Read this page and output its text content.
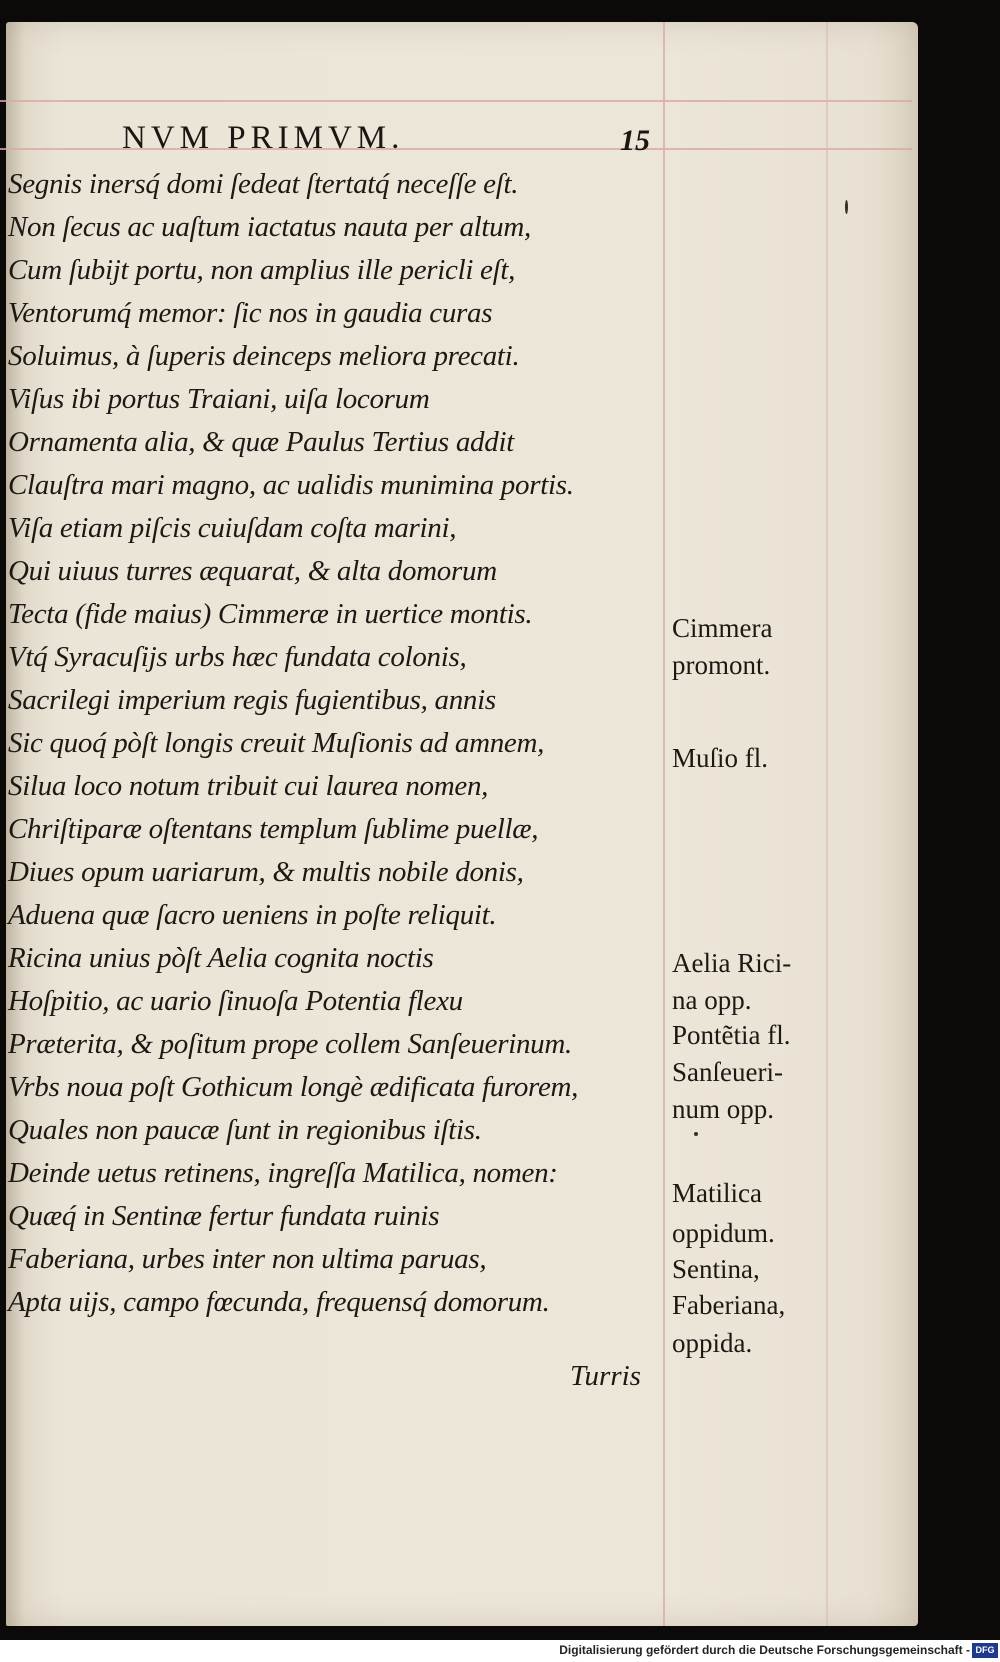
NVM PRIMVM.	15
Segnis inersq́ domi ſedeat ſtertatq́ neceſſe eſt.
Non ſecus ac uaſtum iactatus nauta per altum,
Cum ſubijt portu, non amplius ille pericli eſt,
Ventorumq́ memor: ſic nos in gaudia curas
Soluimus, à ſuperis deinceps meliora precati.
Viſus ibi portus Traiani, uiſa locorum
Ornamenta alia, & quæ Paulus Tertius addit
Clauſtra mari magno, ac ualidis munimina portis.
Viſa etiam piſcis cuiuſdam coſta marini,
Qui uiuus turres æquarat, & alta domorum
Tecta (fide maius) Cimmeræ in uertice montis.
Vtq́ Syracuſijs urbs hæc fundata colonis,
Sacrilegi imperium regis fugientibus, annis
Sic quoq́ pòſt longis creuit Muſionis ad amnem,
Silua loco notum tribuit cui laurea nomen,
Chriſtiparæ oſtentans templum ſublime puellæ,
Diues opum uariarum, & multis nobile donis,
Aduena quæ ſacro ueniens in poſte reliquit.
Ricina unius pòſt Aelia cognita noctis
Hoſpitio, ac uario ſinuoſa Potentia flexu
Præterita, & poſitum prope collem Sanſeuerinum.
Vrbs noua poſt Gothicum longè ædificata furorem,
Quales non paucæ ſunt in regionibus iſtis.
Deinde uetus retinens, ingreſſa Matilica, nomen:
Quæq́ in Sentinæ fertur fundata ruinis
Faberiana, urbes inter non ultima paruas,
Apta uijs, campo fœcunda, frequensq́ domorum.
Turris
Cimmera
promont.
Muſio fl.
Aelia Rici-
na opp.
Pontẽtia fl.
Sanſeueri-
num opp.
Matilica
oppidum.
Sentina,
Faberiana,
oppida.
Digitalisierung gefördert durch die Deutsche Forschungsgemeinschaft - DFG
